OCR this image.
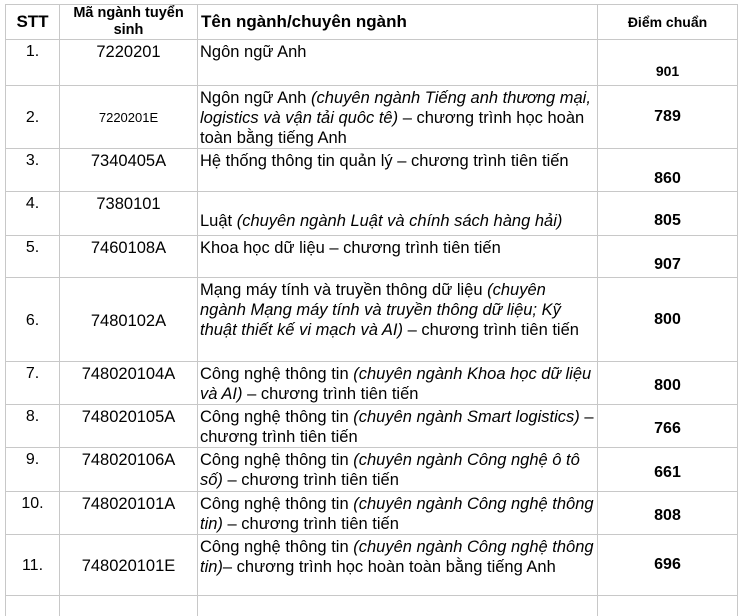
STT	Mã ngành tuyển sinh	Tên ngành/chuyên ngành	Điểm chuẩn
1.	7220201	Ngôn ngữ Anh	901
2.	7220201E	Ngôn ngữ Anh (chuyên ngành Tiếng anh thương mại, logistics và vận tải quôc tê) – chương trình học hoàn toàn bằng tiếng Anh	789
3.	7340405A	Hệ thống thông tin quản lý – chương trình tiên tiến	860
4.	7380101	Luật (chuyên ngành Luật và chính sách hàng hải)	805
5.	7460108A	Khoa học dữ liệu – chương trình tiên tiến	907
6.	7480102A	Mạng máy tính và truyền thông dữ liệu (chuyên ngành Mạng máy tính và truyền thông dữ liệu; Kỹ thuật thiết kế vi mạch và AI) – chương trình tiên tiến	800
7.	748020104A	Công nghệ thông tin (chuyên ngành Khoa học dữ liệu và AI) – chương trình tiên tiến	800
8.	748020105A	Công nghệ thông tin (chuyên ngành Smart logistics) – chương trình tiên tiến	766
9.	748020106A	Công nghệ thông tin (chuyên ngành Công nghệ ô tô số) – chương trình tiên tiến	661
10.	748020101A	Công nghệ thông tin (chuyên ngành Công nghệ thông tin) – chương trình tiên tiến	808
11.	748020101E	Công nghệ thông tin (chuyên ngành Công nghệ thông tin)– chương trình học hoàn toàn bằng tiếng Anh	696
